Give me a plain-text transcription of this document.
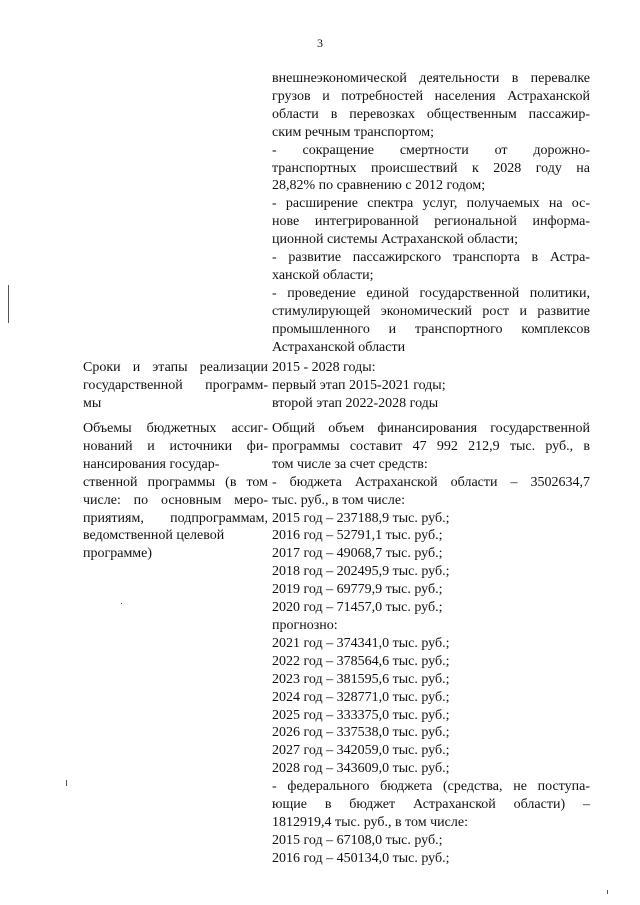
3
внешнеэкономической деятельности в перевалке
грузов и потребностей населения Астраханской
области в перевозках общественным пассажир-
ским речным транспортом;
- сокращение смертности от дорожно-
транспортных происшествий к 2028 году на
28,82% по сравнению с 2012 годом;
- расширение спектра услуг, получаемых на ос-
нове интегрированной региональной информа-
ционной системы Астраханской области;
- развитие пассажирского транспорта в Астра-
ханской области;
- проведение единой государственной политики,
стимулирующей экономический рост и развитие
промышленного и транспортного комплексов
Астраханской области
Сроки и этапы реализации
государственной программ-
мы
2015 - 2028 годы:
первый этап 2015-2021 годы;
второй этап 2022-2028 годы
Объемы бюджетных ассиг-
нований и источники фи-
нансирования государ-
ственной программы (в том
числе: по основным меро-
приятиям, подпрограммам,
ведомственной целевой
программе)
Общий объем финансирования государственной
программы составит 47 992 212,9 тыс. руб., в
том числе за счет средств:
- бюджета Астраханской области – 3502634,7
тыс. руб., в том числе:
2015 год – 237188,9 тыс. руб.;
2016 год – 52791,1 тыс. руб.;
2017 год – 49068,7 тыс. руб.;
2018 год – 202495,9 тыс. руб.;
2019 год – 69779,9 тыс. руб.;
2020 год – 71457,0 тыс. руб.;
прогнозно:
2021 год – 374341,0 тыс. руб.;
2022 год – 378564,6 тыс. руб.;
2023 год – 381595,6 тыс. руб.;
2024 год – 328771,0 тыс. руб.;
2025 год – 333375,0 тыс. руб.;
2026 год – 337538,0 тыс. руб.;
2027 год – 342059,0 тыс. руб.;
2028 год – 343609,0 тыс. руб.;
- федерального бюджета (средства, не поступа-
ющие в бюджет Астраханской области) –
1812919,4 тыс. руб., в том числе:
2015 год – 67108,0 тыс. руб.;
2016 год – 450134,0 тыс. руб.;
